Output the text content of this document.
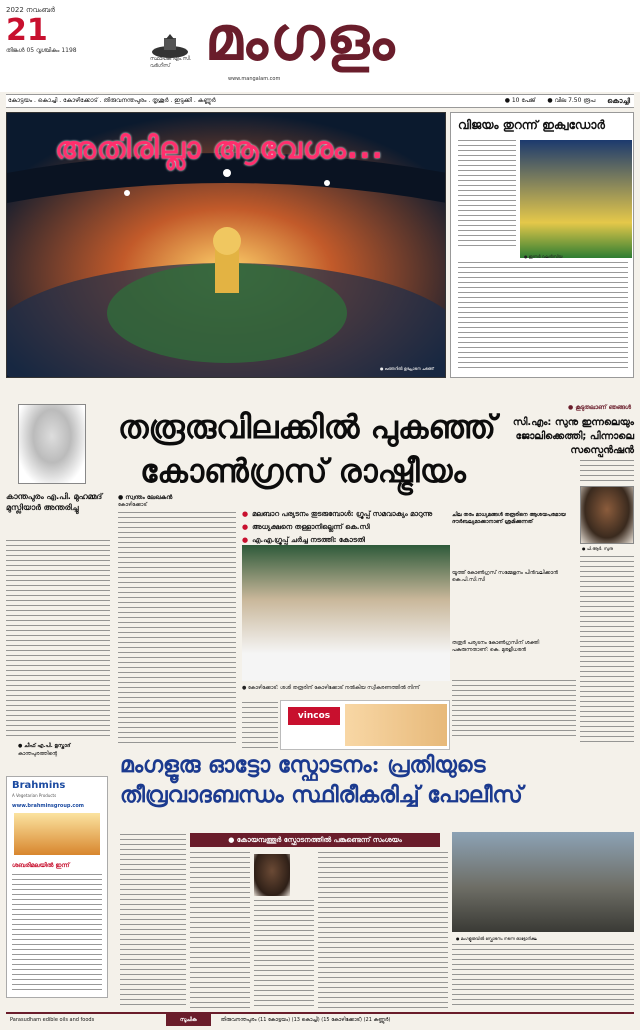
2022 നവംബർ
21
തിങ്കൾ 05 വൃശ്ചികം 1198
സ്ഥാപക എം.സി. വർഗീസ് മംഗളം
www.mangalam.com
കോട്ടയം . കൊച്ചി . കോഴിക്കോട് . തിരുവനന്തപുരം . തൃശൂർ . ഇടുക്കി . കണ്ണൂർ	● 10 പേജ് ● വില 7.50 രൂപ കൊച്ചി
അതിരില്ലാ ആവേശം...
● ഖത്തറിൽ ഉദ്ഘാടന ചടങ്ങ്
വിജയം തുറന്ന് ഇക്വഡോർ
● ഇന്നർ വലൻസിയ
കാന്തപുരം എ.പി. മുഹമ്മദ് മുസ്ലിയാർ അന്തരിച്ചു
● ചീഫ് എ.പി. ഉസ്താദ്
കാന്തപുരത്തിന്റെ
Brahmins
A Vegetarian Products
www.brahminsgroup.com
ശബരിമലയിൽ ഇന്ന്
തരൂരുവിലക്കിൽ പുകഞ്ഞ്
കോൺഗ്രസ് രാഷ്ട്രീയം
● സ്വന്തം ലേഖകൻ
കോഴിക്കോട്
● മലബാറ പര്യടനം തുടരുമ്പോൾ: ഗ്രൂപ്പ് സമവാക്യം മാറുന്നു
● അധ്യക്ഷനെ തള്ളാനില്ലെന്ന് കെ.സി
● എ.എ.ഗ്രൂപ്പ് ചർച്ച നടത്തി: കോടതി
● കോഴിക്കോട്: ശശി തരൂരിന് കോഴിക്കോട് നൽകിയ സ്വീകരണത്തിൽ നിന്ന്
vincos
ചില തരം മാധ്യമങ്ങൾ തരൂരിനെ ആശയപരമായ ദൗർബല്യമാക്കാനാണ് ശ്രമിക്കുന്നത്
യൂത്ത് കോൺഗ്രസ് സമ്മേളനം പിൻവലിക്കാൻ കെ.പി.സി.സി
തരൂർ പര്യടനം കോൺഗ്രസിന് ശക്തി പകരുന്നതാണ്: കെ. മുരളീധരൻ
● കൂടുതലാണ് ഞങ്ങൾ
സി.എം: സുനു ഇന്നലെയും ജോലിക്കെത്തി; പിന്നാലെ സസ്പെൻഷൻ
● പി.ആർ. സുനു
മംഗളൂരു ഓട്ടോ സ്ഫോടനം: പ്രതിയുടെ
തീവ്രവാദബന്ധം സ്ഥിരീകരിച്ച് പോലീസ്
● കോയമ്പത്തൂർ സ്ഫോടനത്തിൽ പങ്കുണ്ടെന്ന് സംശയം
● മംഗളൂരുവിൽ സ്ഫോടനം നടന്ന ഓട്ടോറിക്ഷ
Parasudham edible oils and foods	സൂചിക	തിരുവനന്തപുരം (11 കോട്ടയം) (13 കൊച്ചി) (15 കോഴിക്കോട്) (21 കണ്ണൂർ)
